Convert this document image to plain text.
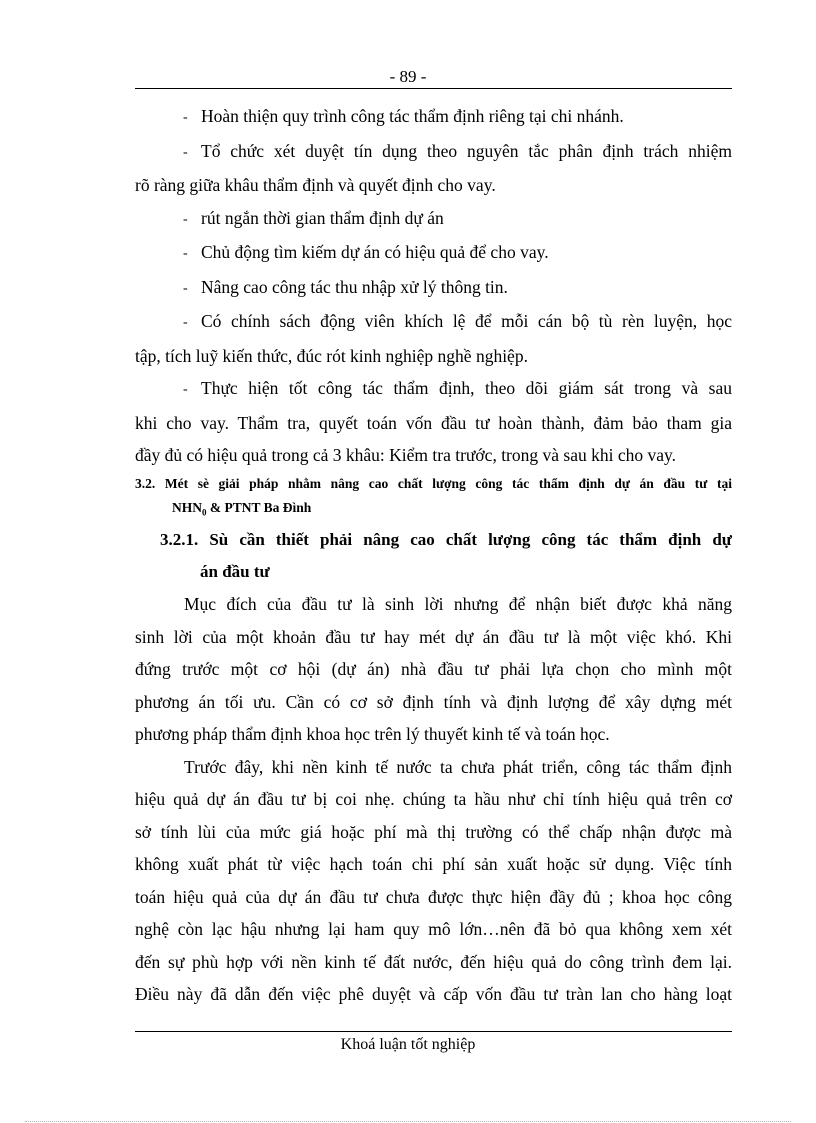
- 89 -
‐ Hoàn thiện quy trình công tác thẩm định riêng tại chi nhánh.
‐ Tổ chức xét duyệt tín dụng theo nguyên tắc phân định trách nhiệm
rõ ràng giữa khâu thẩm định và quyết định cho vay.
‐ rút ngắn thời gian thẩm định dự án
‐ Chủ động tìm kiếm dự án có hiệu quả để cho vay.
‐ Nâng cao công tác thu nhập xử lý thông tin.
‐ Có chính sách động viên khích lệ để mỗi cán bộ tù rèn luyện, học
tập, tích luỹ kiến thức, đúc rót kinh nghiệp nghề nghiệp.
‐ Thực hiện tốt công tác thẩm định, theo dõi giám sát trong và sau
khi cho vay. Thẩm tra, quyết toán vốn đầu tư hoàn thành, đảm bảo tham gia
đầy đủ có hiệu quả trong cả 3 khâu: Kiểm tra trước, trong và sau khi cho vay.
3.2. Mét sè giải pháp nhằm nâng cao chất lượng công tác thẩm định dự án đầu tư tại
$NHN_0$ & PTNT Ba Đình
3.2.1. Sù cần thiết phải nâng cao chất lượng công tác thẩm định dự
án đầu tư
Mục đích của đầu tư là sinh lời nhưng để nhận biết được khả năng
sinh lời của một khoản đầu tư hay mét dự án đầu tư là một việc khó. Khi
đứng trước một cơ hội (dự án) nhà đầu tư phải lựa chọn cho mình một
phương án tối ưu. Cần có cơ sở định tính và định lượng để xây dựng mét
phương pháp thẩm định khoa học trên lý thuyết kinh tế và toán học.
Trước đây, khi nền kinh tế nước ta chưa phát triển, công tác thẩm định
hiệu quả dự án đầu tư bị coi nhẹ. chúng ta hầu như chỉ tính hiệu quả trên cơ
sở tính lùi của mức giá hoặc phí mà thị trường có thể chấp nhận được mà
không xuất phát từ việc hạch toán chi phí sản xuất hoặc sử dụng. Việc tính
toán hiệu quả của dự án đầu tư chưa được thực hiện đầy đủ ; khoa học công
nghệ còn lạc hậu nhưng lại ham quy mô lớn…nên đã bỏ qua không xem xét
đến sự phù hợp với nền kinh tế đất nước, đến hiệu quả do công trình đem lại.
Điều này đã dẫn đến việc phê duyệt và cấp vốn đầu tư tràn lan cho hàng loạt
Khoá luận tốt nghiệp
